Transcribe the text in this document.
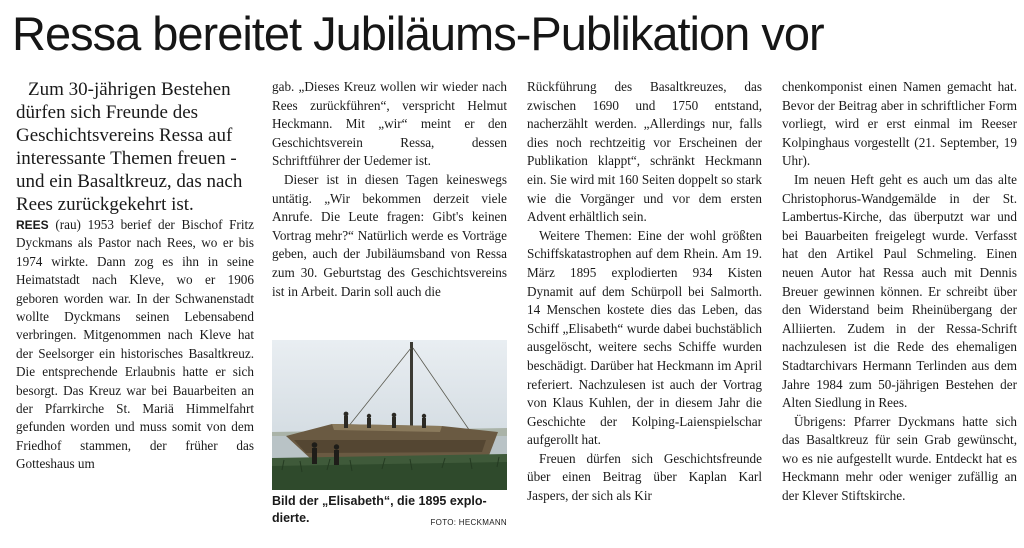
Ressa bereitet Jubiläums-Publikation vor

Zum 30-jährigen Bestehen dürfen sich Freunde des Geschichtsvereins Ressa auf interessante Themen freuen - und ein Basaltkreuz, das nach Rees zurückgekehrt ist.

REES (rau) 1953 berief der Bischof Fritz Dyckmans als Pastor nach Rees, wo er bis 1974 wirkte. Dann zog es ihn in seine Heimatstadt nach Kleve, wo er 1906 geboren worden war. In der Schwanenstadt wollte Dyckmans seinen Lebensabend verbringen. Mitgenommen nach Kleve hat der Seelsorger ein historisches Basaltkreuz. Die entsprechende Erlaubnis hatte er sich besorgt. Das Kreuz war bei Bauarbeiten an der Pfarrkirche St. Mariä Himmelfahrt gefunden worden und muss somit von dem Friedhof stammen, der früher das Gotteshaus um

gab. „Dieses Kreuz wollen wir wieder nach Rees zurückführen“, verspricht Helmut Heckmann. Mit „wir“ meint er den Geschichtsverein Ressa, dessen Schriftführer der Uedemer ist.

Dieser ist in diesen Tagen keineswegs untätig. „Wir bekommen derzeit viele Anrufe. Die Leute fragen: Gibt's keinen Vortrag mehr?“ Natürlich werde es Vorträge geben, auch der Jubiläumsband von Ressa zum 30. Geburtstag des Geschichtsvereins ist in Arbeit. Darin soll auch die

Bild der „Elisabeth“, die 1895 explodierte.	FOTO: HECKMANN

Rückführung des Basaltkreuzes, das zwischen 1690 und 1750 entstand, nacherzählt werden. „Allerdings nur, falls dies noch rechtzeitig vor Erscheinen der Publikation klappt“, schränkt Heckmann ein. Sie wird mit 160 Seiten doppelt so stark wie die Vorgänger und vor dem ersten Advent erhältlich sein.

Weitere Themen: Eine der wohl größten Schiffskatastrophen auf dem Rhein. Am 19. März 1895 explodierten 934 Kisten Dynamit auf dem Schürpoll bei Salmorth. 14 Menschen kostete dies das Leben, das Schiff „Elisabeth“ wurde dabei buchstäblich ausgelöscht, weitere sechs Schiffe wurden beschädigt. Darüber hat Heckmann im April referiert. Nachzulesen ist auch der Vortrag von Klaus Kuhlen, der in diesem Jahr die Geschichte der Kolping-Laienspielschar aufgerollt hat.

Freuen dürfen sich Geschichtsfreunde über einen Beitrag über Kaplan Karl Jaspers, der sich als Kir

chenkomponist einen Namen gemacht hat. Bevor der Beitrag aber in schriftlicher Form vorliegt, wird er erst einmal im Reeser Kolpinghaus vorgestellt (21. September, 19 Uhr).

Im neuen Heft geht es auch um das alte Christophorus-Wandgemälde in der St. Lambertus-Kirche, das überputzt war und bei Bauarbeiten freigelegt wurde. Verfasst hat den Artikel Paul Schmeling. Einen neuen Autor hat Ressa auch mit Dennis Breuer gewinnen können. Er schreibt über den Widerstand beim Rheinübergang der Alliierten. Zudem in der Ressa-Schrift nachzulesen ist die Rede des ehemaligen Stadtarchivars Hermann Terlinden aus dem Jahre 1984 zum 50-jährigen Bestehen der Alten Siedlung in Rees.

Übrigens: Pfarrer Dyckmans hatte sich das Basaltkreuz für sein Grab gewünscht, wo es nie aufgestellt wurde. Entdeckt hat es Heckmann mehr oder weniger zufällig an der Klever Stiftskirche.
